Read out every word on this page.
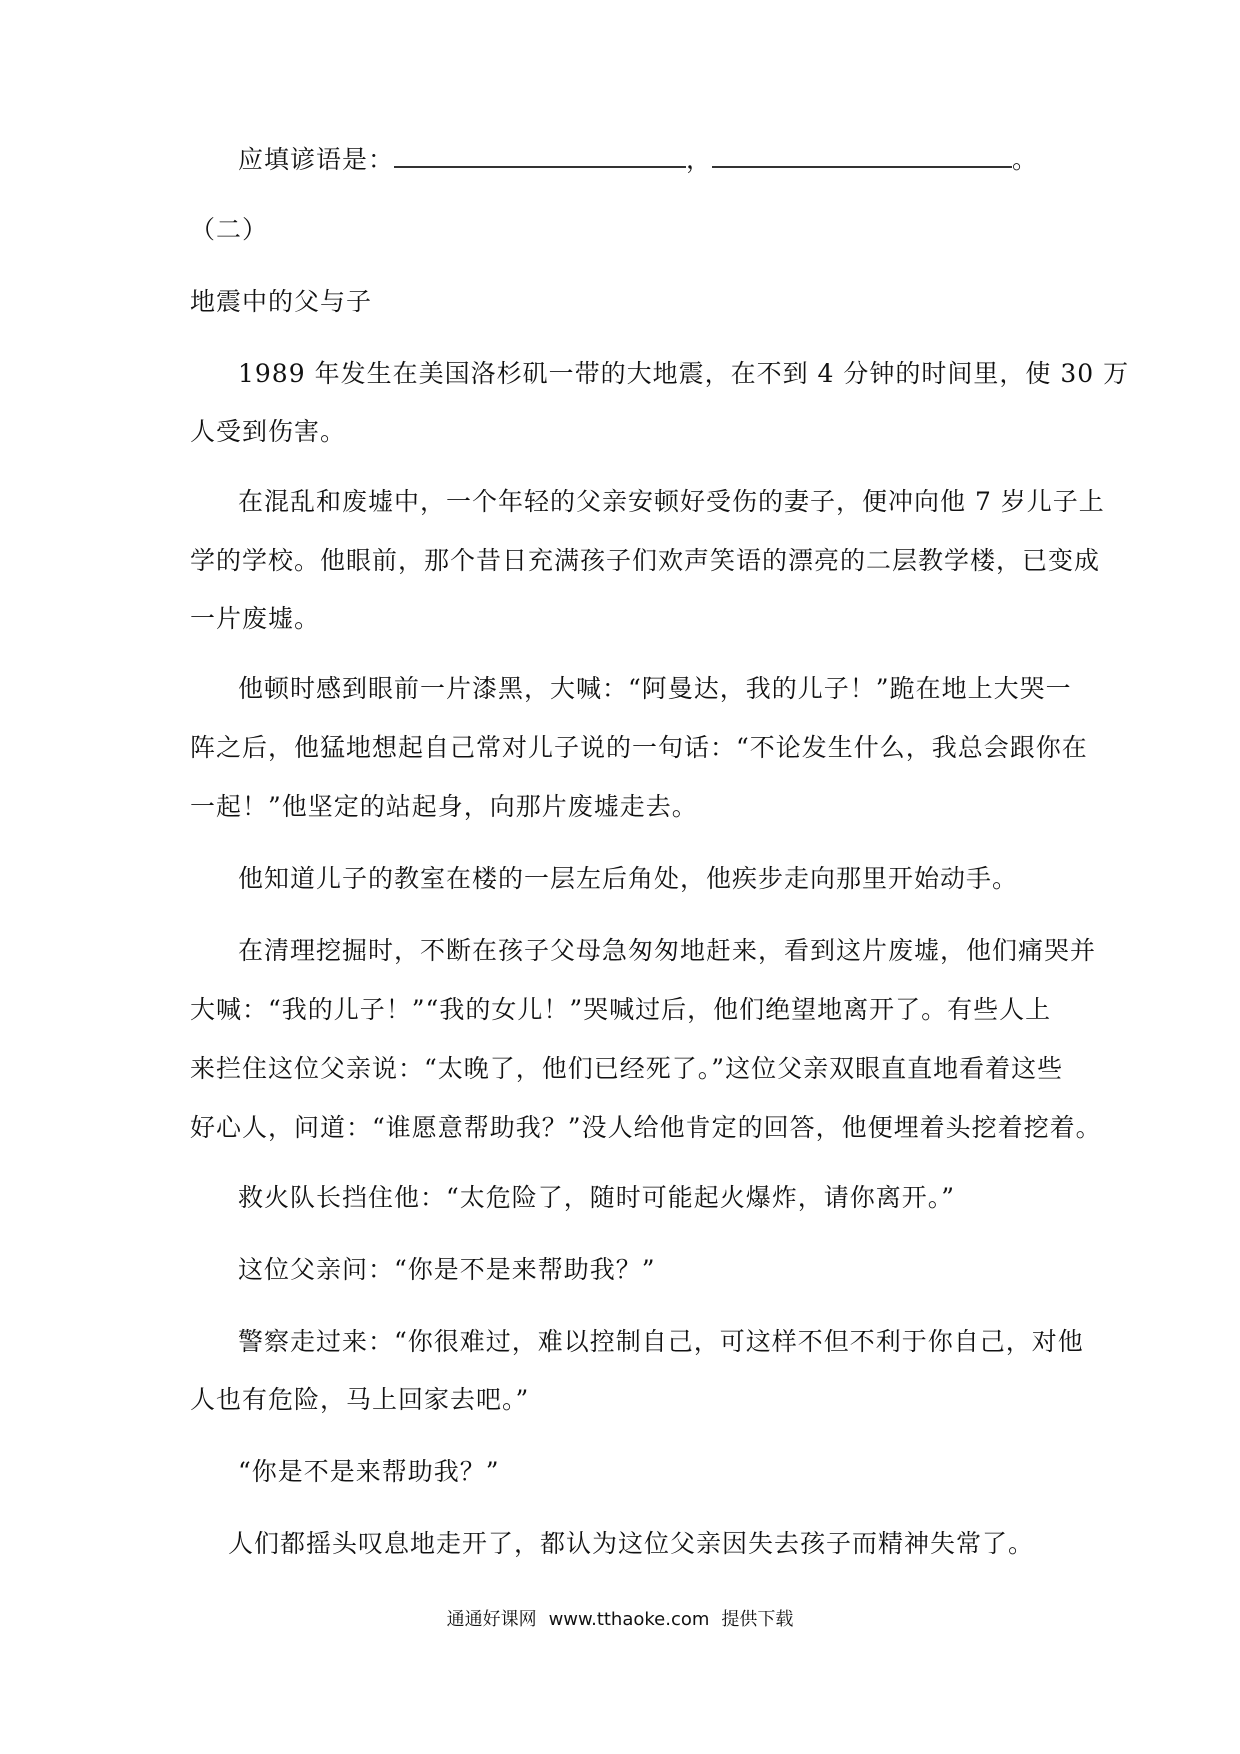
应填谚语是：	，	。
（二）
地震中的父与子
1989 年发生在美国洛杉矶一带的大地震，在不到 4 分钟的时间里，使 30 万
人受到伤害。
在混乱和废墟中，一个年轻的父亲安顿好受伤的妻子，便冲向他 7 岁儿子上
学的学校。他眼前，那个昔日充满孩子们欢声笑语的漂亮的二层教学楼，已变成
一片废墟。
他顿时感到眼前一片漆黑，大喊：“阿曼达，我的儿子！”跪在地上大哭一
阵之后，他猛地想起自己常对儿子说的一句话：“不论发生什么，我总会跟你在
一起！”他坚定的站起身，向那片废墟走去。
他知道儿子的教室在楼的一层左后角处，他疾步走向那里开始动手。
在清理挖掘时，不断在孩子父母急匆匆地赶来，看到这片废墟，他们痛哭并
大喊：“我的儿子！”“我的女儿！”哭喊过后，他们绝望地离开了。有些人上
来拦住这位父亲说：“太晚了，他们已经死了。”这位父亲双眼直直地看着这些
好心人，问道：“谁愿意帮助我？”没人给他肯定的回答，他便埋着头挖着挖着。
救火队长挡住他：“太危险了，随时可能起火爆炸，请你离开。”
这位父亲问：“你是不是来帮助我？”
警察走过来：“你很难过，难以控制自己，可这样不但不利于你自己，对他
人也有危险，马上回家去吧。”
“你是不是来帮助我？”
人们都摇头叹息地走开了，都认为这位父亲因失去孩子而精神失常了。
通通好课网 www.tthaoke.com 提供下载
